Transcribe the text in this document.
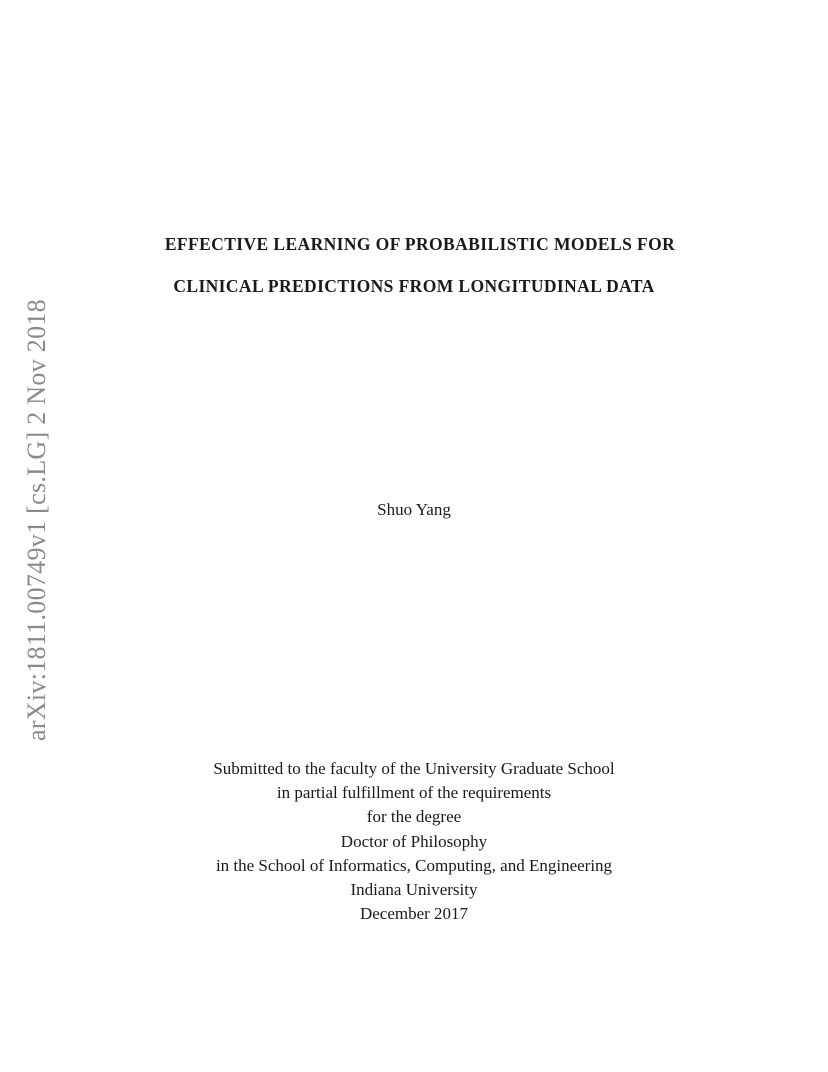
arXiv:1811.00749v1 [cs.LG] 2 Nov 2018
EFFECTIVE LEARNING OF PROBABILISTIC MODELS FOR
CLINICAL PREDICTIONS FROM LONGITUDINAL DATA
Shuo Yang
Submitted to the faculty of the University Graduate School
in partial fulfillment of the requirements
for the degree
Doctor of Philosophy
in the School of Informatics, Computing, and Engineering
Indiana University
December 2017
